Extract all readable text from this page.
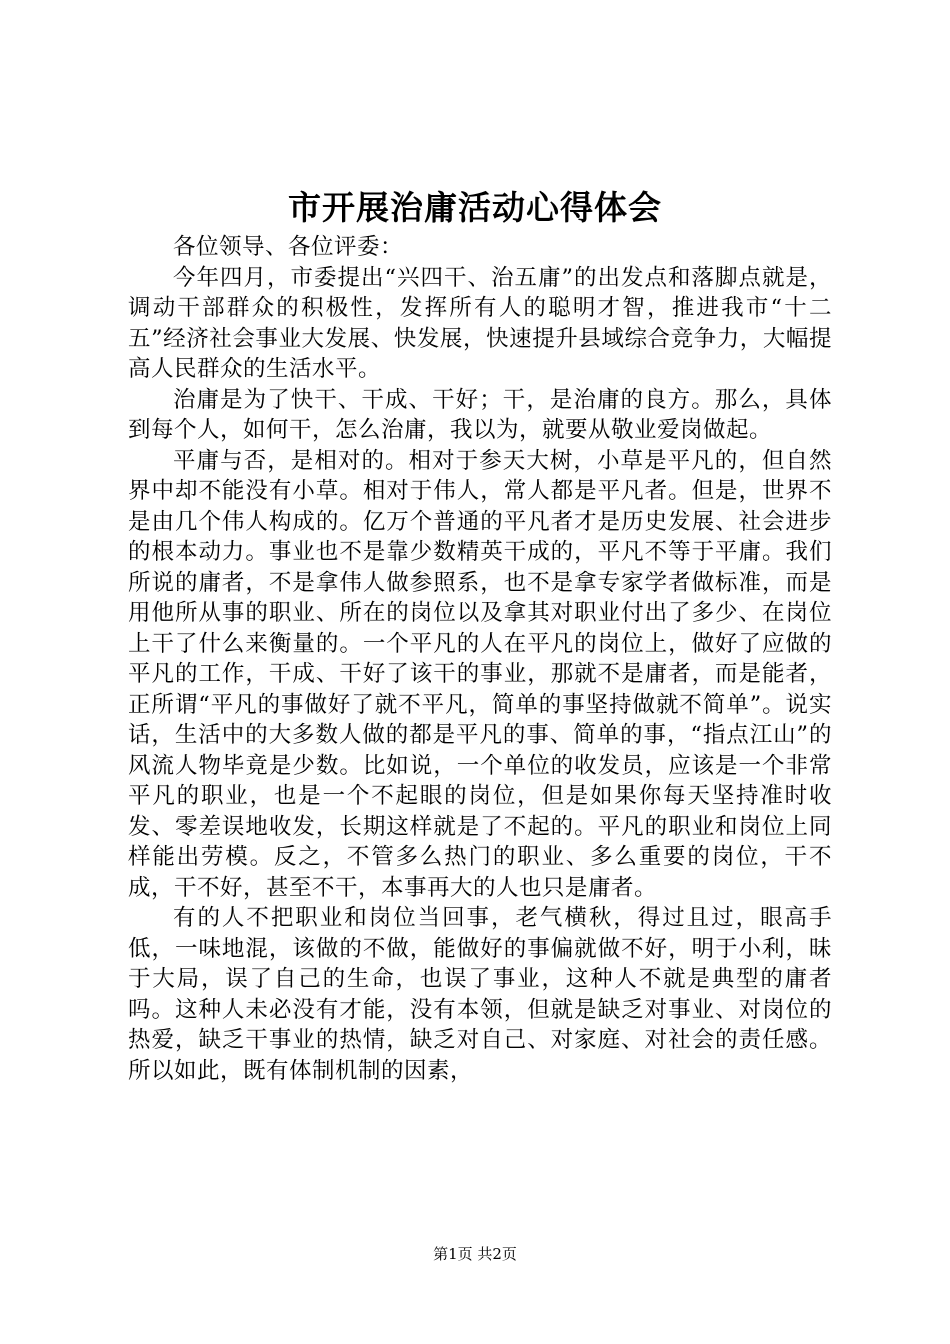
市开展治庸活动心得体会

各位领导、各位评委：

今年四月，市委提出“兴四干、治五庸”的出发点和落脚点就是，调动干部群众的积极性，发挥所有人的聪明才智，推进我市“十二五”经济社会事业大发展、快发展，快速提升县域综合竞争力，大幅提高人民群众的生活水平。

治庸是为了快干、干成、干好；干，是治庸的良方。那么，具体到每个人，如何干，怎么治庸，我以为，就要从敬业爱岗做起。

平庸与否，是相对的。相对于参天大树，小草是平凡的，但自然界中却不能没有小草。相对于伟人，常人都是平凡者。但是，世界不是由几个伟人构成的。亿万个普通的平凡者才是历史发展、社会进步的根本动力。事业也不是靠少数精英干成的，平凡不等于平庸。我们所说的庸者，不是拿伟人做参照系，也不是拿专家学者做标准，而是用他所从事的职业、所在的岗位以及拿其对职业付出了多少、在岗位上干了什么来衡量的。一个平凡的人在平凡的岗位上，做好了应做的平凡的工作，干成、干好了该干的事业，那就不是庸者，而是能者，正所谓“平凡的事做好了就不平凡，简单的事坚持做就不简单”。说实话，生活中的大多数人做的都是平凡的事、简单的事，“指点江山”的风流人物毕竟是少数。比如说，一个单位的收发员，应该是一个非常平凡的职业，也是一个不起眼的岗位，但是如果你每天坚持准时收发、零差误地收发，长期这样就是了不起的。平凡的职业和岗位上同样能出劳模。反之，不管多么热门的职业、多么重要的岗位，干不成，干不好，甚至不干，本事再大的人也只是庸者。

有的人不把职业和岗位当回事，老气横秋，得过且过，眼高手低，一味地混，该做的不做，能做好的事偏就做不好，明于小利，昧于大局，误了自己的生命，也误了事业，这种人不就是典型的庸者吗。这种人未必没有才能，没有本领，但就是缺乏对事业、对岗位的热爱，缺乏干事业的热情，缺乏对自己、对家庭、对社会的责任感。所以如此，既有体制机制的因素，

第1页 共2页
